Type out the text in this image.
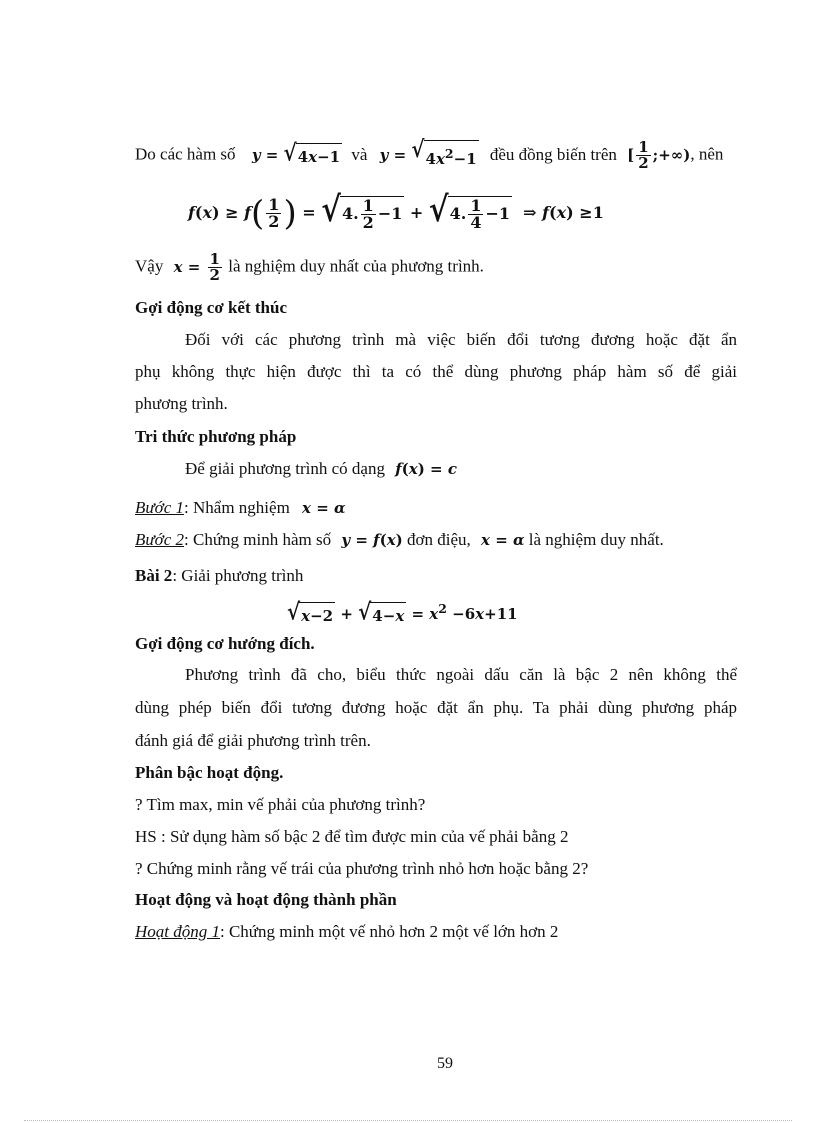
Do các hàm số y = √ 4x−1 và y = √ $4x^2-1$ đều đồng biến trên [ $\frac{1}{2}$ ;+∞), nên
$f(x) \ge f( \frac{1}{2}$ ) = √ 4. $\frac{1}{2} -1$ + √ 4. $\frac{1}{4} -1$ ⇒ f(x) ≥1
Vậy $x = \frac{1}{2}$ là nghiệm duy nhất của phương trình.
Gợi động cơ kết thúc
Đối với các phương trình mà việc biến đổi tương đương hoặc đặt ẩn
phụ không thực hiện được thì ta có thể dùng phương pháp hàm số để giải
phương trình.
Tri thức phương pháp
Để giải phương trình có dạng f(x) = c
Bước 1: Nhẩm nghiệm x = α
Bước 2: Chứng minh hàm số y = f(x) đơn điệu, x = α là nghiệm duy nhất.
Bài 2: Giải phương trình
√ x−2 + √ $4-x = x^2 -6x+11$
Gợi động cơ hướng đích.
Phương trình đã cho, biểu thức ngoài dấu căn là bậc 2 nên không thể
dùng phép biến đổi tương đương hoặc đặt ẩn phụ. Ta phải dùng phương pháp
đánh giá để giải phương trình trên.
Phân bậc hoạt động.
? Tìm max, min vế phải của phương trình?
HS : Sử dụng hàm số bậc 2 để tìm được min của vế phải bằng 2
? Chứng minh rằng vế trái của phương trình nhỏ hơn hoặc bằng 2?
Hoạt động và hoạt động thành phần
Hoạt động 1: Chứng minh một vế nhỏ hơn 2 một vế lớn hơn 2
59
